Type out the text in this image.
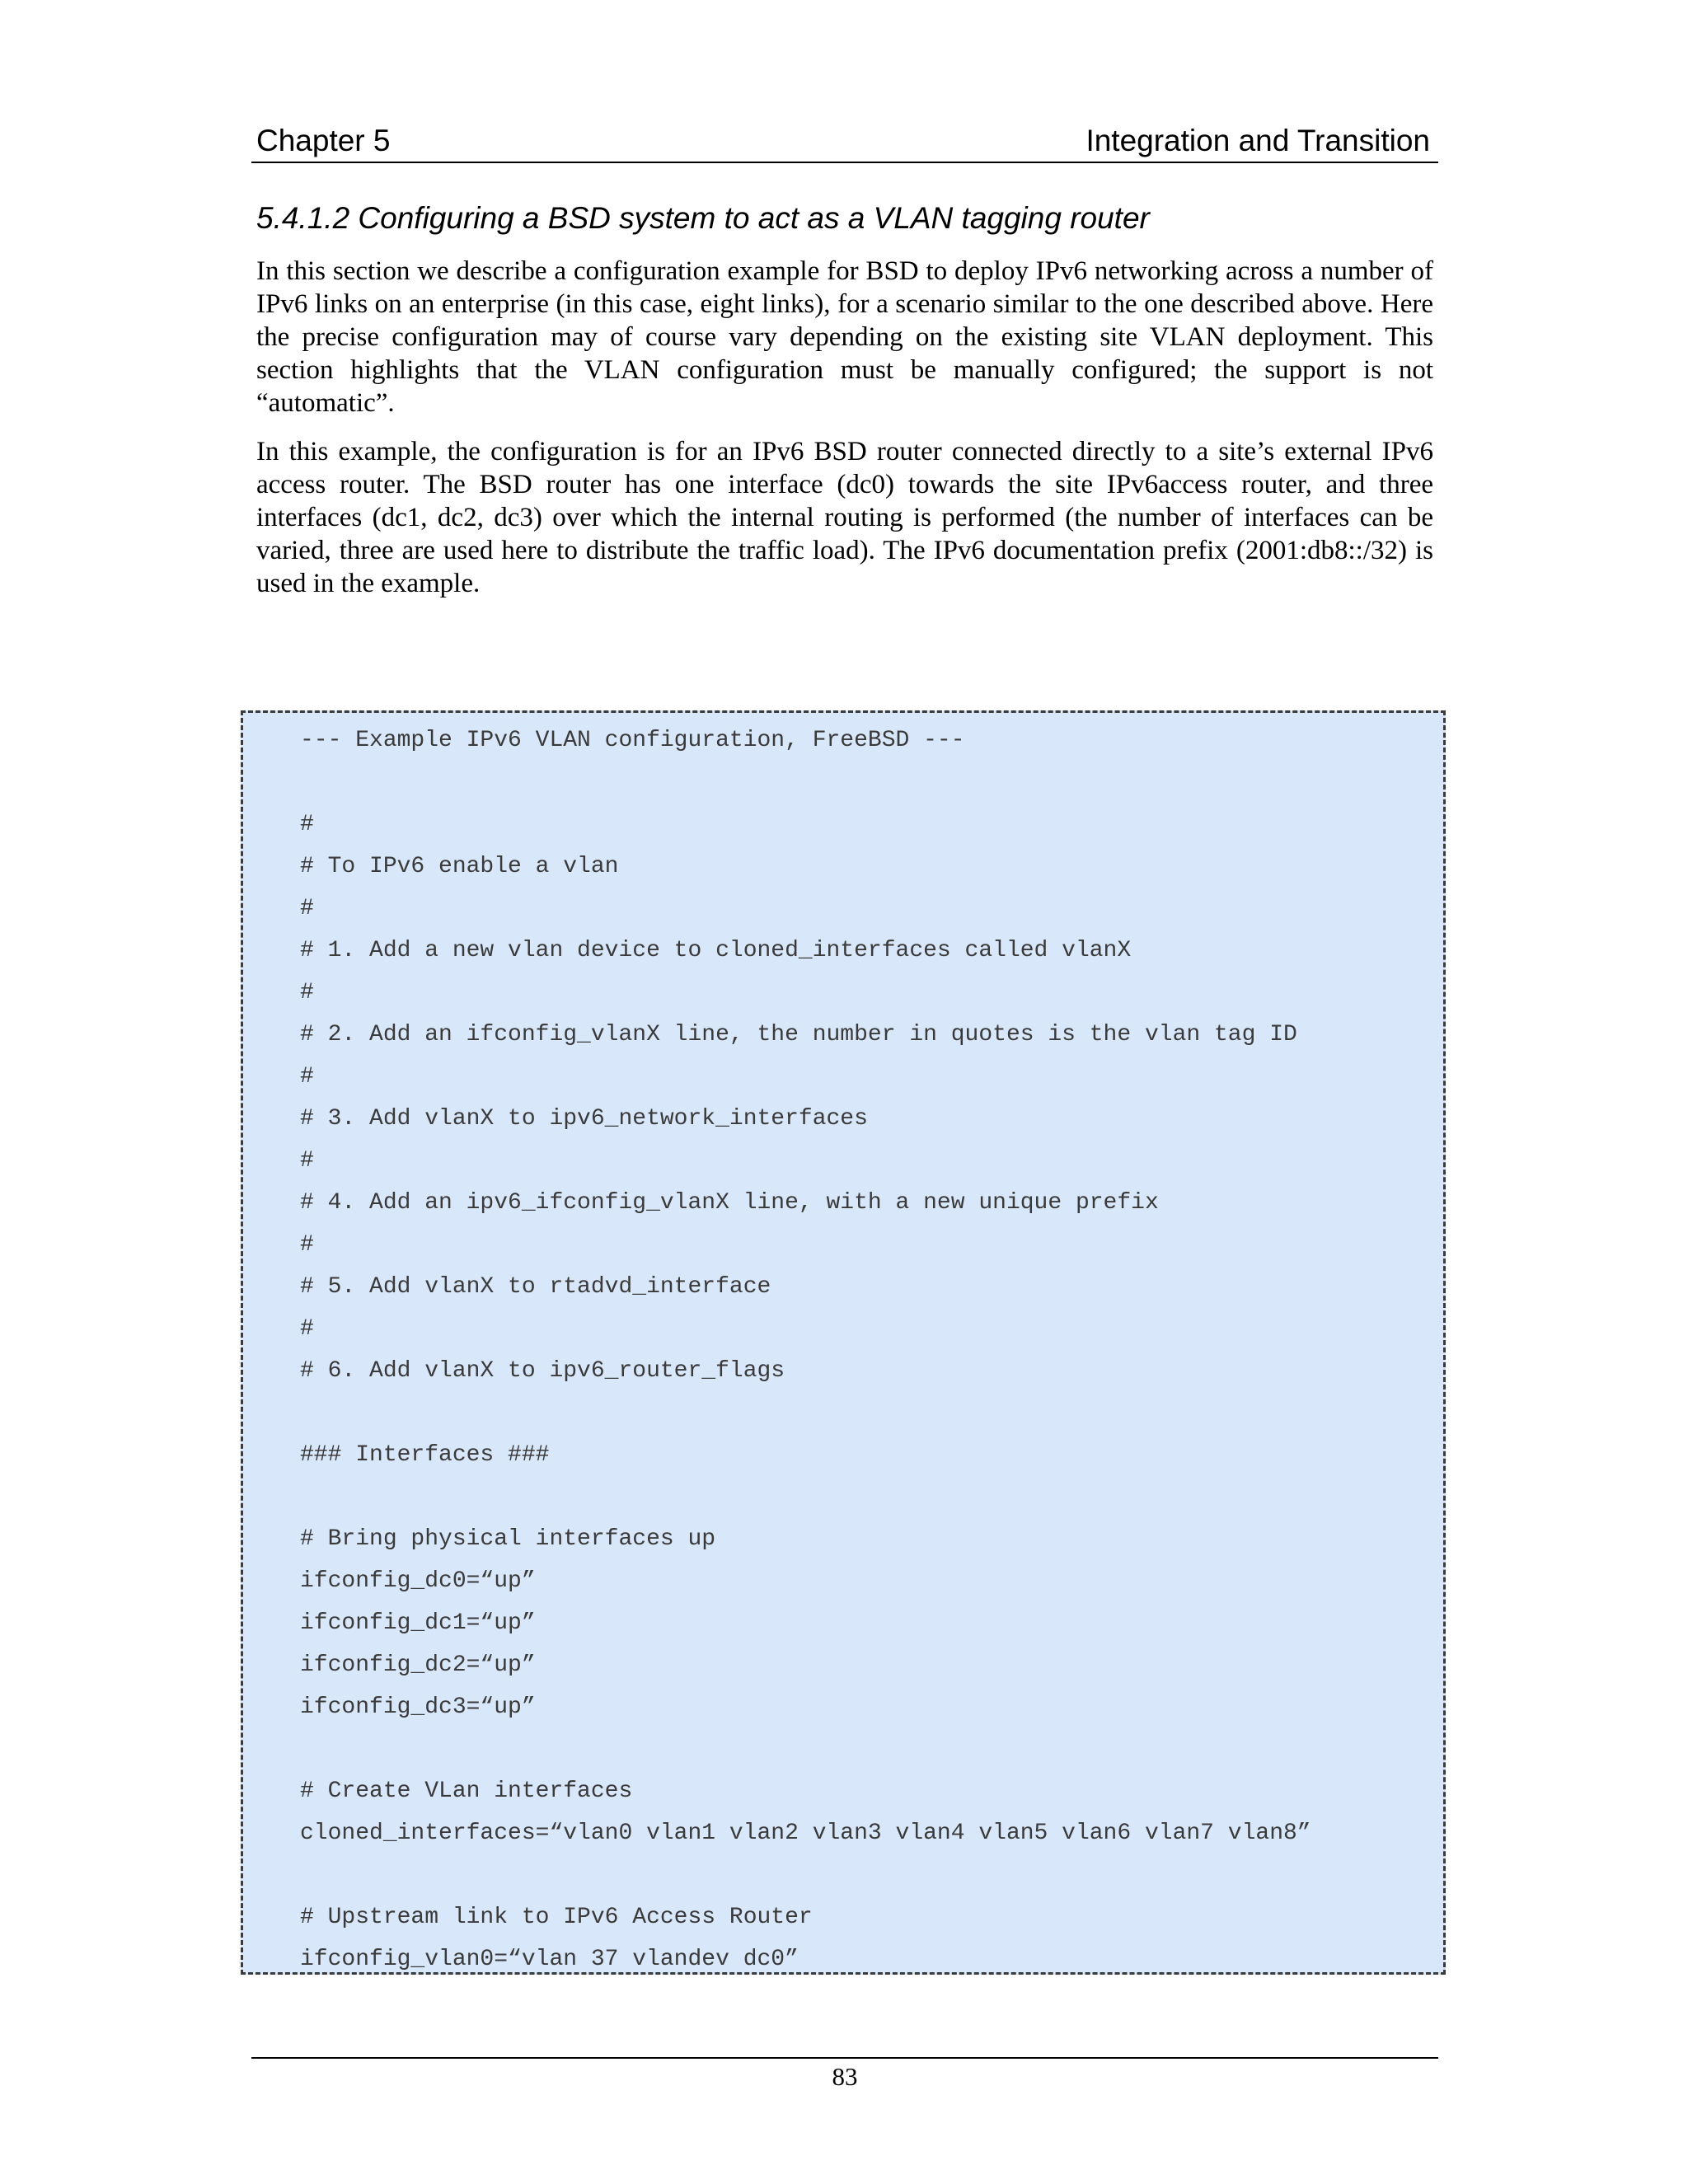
Chapter 5	Integration and Transition
5.4.1.2 Configuring a BSD system to act as a VLAN tagging router

In this section we describe a configuration example for BSD to deploy IPv6 networking across a number of IPv6 links on an enterprise (in this case, eight links), for a scenario similar to the one described above. Here the precise configuration may of course vary depending on the existing site VLAN deployment. This section highlights that the VLAN configuration must be manually configured; the support is not “automatic”.

In this example, the configuration is for an IPv6 BSD router connected directly to a site’s external IPv6 access router. The BSD router has one interface (dc0) towards the site IPv6access router, and three interfaces (dc1, dc2, dc3) over which the internal routing is performed (the number of interfaces can be varied, three are used here to distribute the traffic load). The IPv6 documentation prefix (2001:db8::/32) is used in the example.

--- Example IPv6 VLAN configuration, FreeBSD ---
#
# To IPv6 enable a vlan
#
# 1. Add a new vlan device to cloned_interfaces called vlanX
#
# 2. Add an ifconfig_vlanX line, the number in quotes is the vlan tag ID
#
# 3. Add vlanX to ipv6_network_interfaces
#
# 4. Add an ipv6_ifconfig_vlanX line, with a new unique prefix
#
# 5. Add vlanX to rtadvd_interface
#
# 6. Add vlanX to ipv6_router_flags
### Interfaces ###
# Bring physical interfaces up
ifconfig_dc0=“up”
ifconfig_dc1=“up”
ifconfig_dc2=“up”
ifconfig_dc3=“up”
# Create VLan interfaces
cloned_interfaces=“vlan0 vlan1 vlan2 vlan3 vlan4 vlan5 vlan6 vlan7 vlan8”
# Upstream link to IPv6 Access Router
ifconfig_vlan0=“vlan 37 vlandev dc0”
83
